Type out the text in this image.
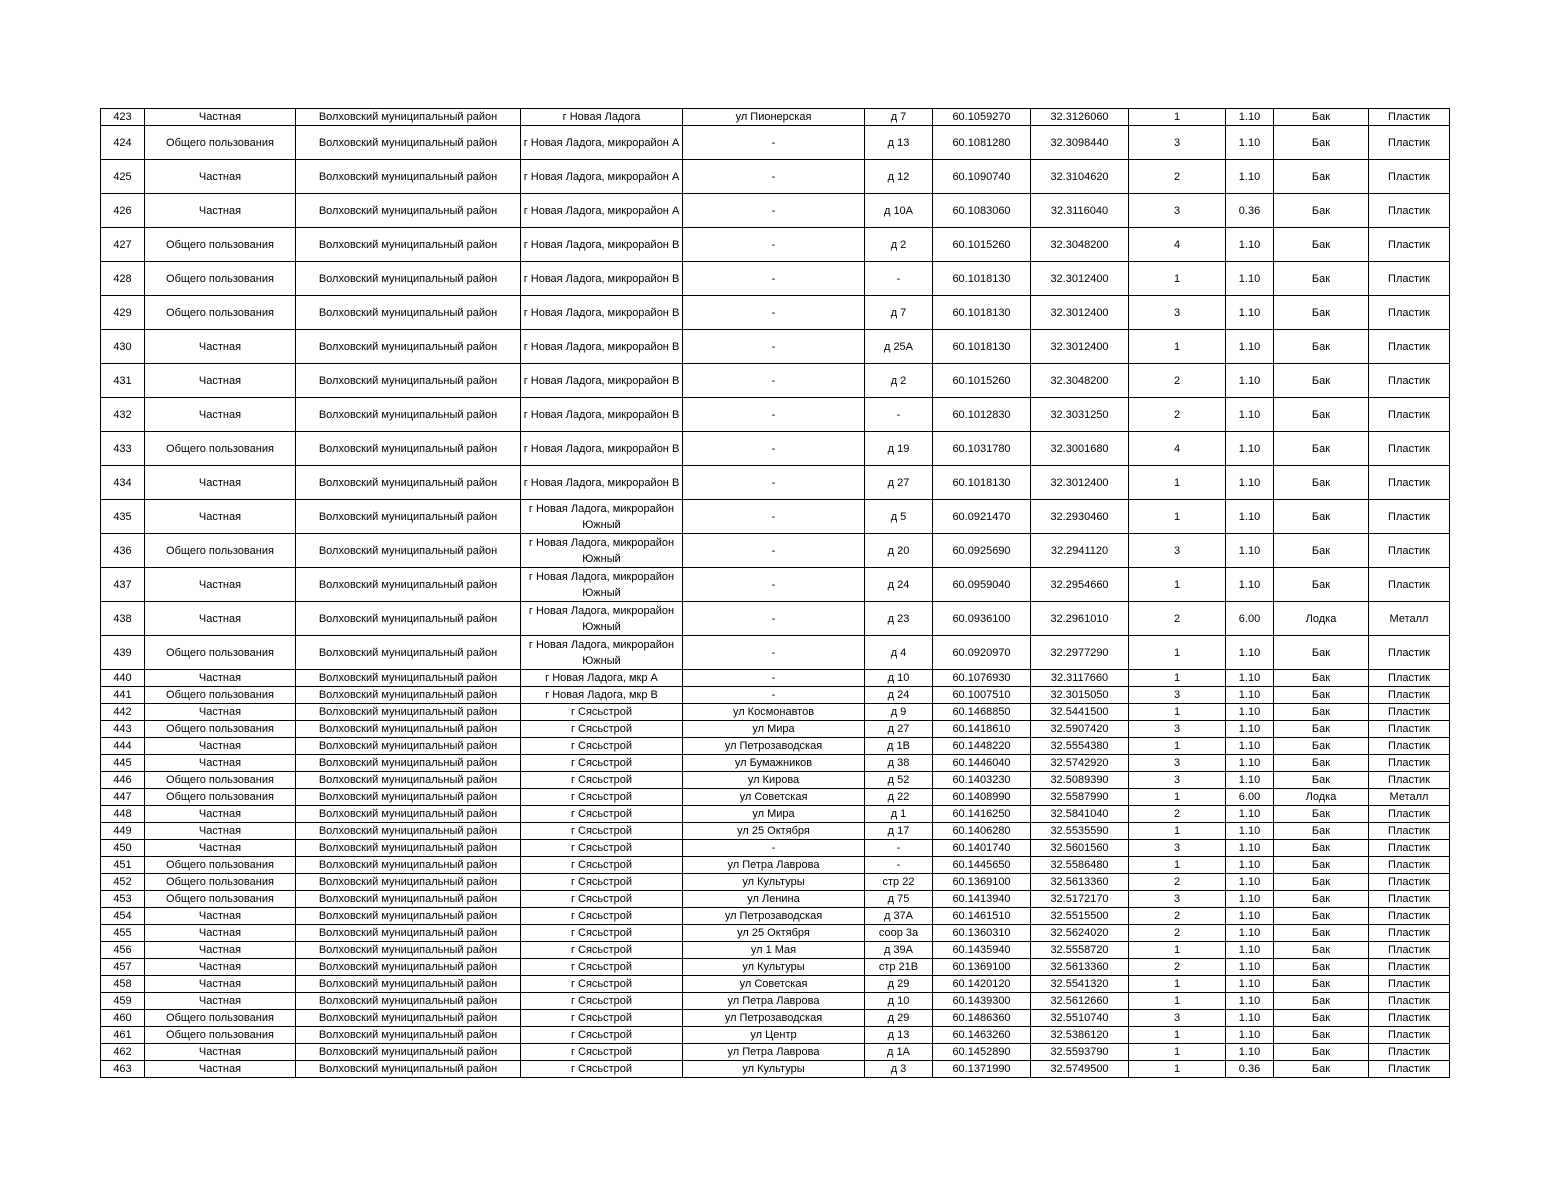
423	Частная	Волховский муниципальный район	г Новая Ладога	ул Пионерская	д 7	60.1059270	32.3126060	1	1.10	Бак	Пластик
424	Общего пользования	Волховский муниципальный район	г Новая Ладога, микрорайон А	-	д 13	60.1081280	32.3098440	3	1.10	Бак	Пластик
425	Частная	Волховский муниципальный район	г Новая Ладога, микрорайон А	-	д 12	60.1090740	32.3104620	2	1.10	Бак	Пластик
426	Частная	Волховский муниципальный район	г Новая Ладога, микрорайон А	-	д 10А	60.1083060	32.3116040	3	0.36	Бак	Пластик
427	Общего пользования	Волховский муниципальный район	г Новая Ладога, микрорайон В	-	д 2	60.1015260	32.3048200	4	1.10	Бак	Пластик
428	Общего пользования	Волховский муниципальный район	г Новая Ладога, микрорайон В	-	-	60.1018130	32.3012400	1	1.10	Бак	Пластик
429	Общего пользования	Волховский муниципальный район	г Новая Ладога, микрорайон В	-	д 7	60.1018130	32.3012400	3	1.10	Бак	Пластик
430	Частная	Волховский муниципальный район	г Новая Ладога, микрорайон В	-	д 25А	60.1018130	32.3012400	1	1.10	Бак	Пластик
431	Частная	Волховский муниципальный район	г Новая Ладога, микрорайон В	-	д 2	60.1015260	32.3048200	2	1.10	Бак	Пластик
432	Частная	Волховский муниципальный район	г Новая Ладога, микрорайон В	-	-	60.1012830	32.3031250	2	1.10	Бак	Пластик
433	Общего пользования	Волховский муниципальный район	г Новая Ладога, микрорайон В	-	д 19	60.1031780	32.3001680	4	1.10	Бак	Пластик
434	Частная	Волховский муниципальный район	г Новая Ладога, микрорайон В	-	д 27	60.1018130	32.3012400	1	1.10	Бак	Пластик
435	Частная	Волховский муниципальный район	г Новая Ладога, микрорайон Южный	-	д 5	60.0921470	32.2930460	1	1.10	Бак	Пластик
436	Общего пользования	Волховский муниципальный район	г Новая Ладога, микрорайон Южный	-	д 20	60.0925690	32.2941120	3	1.10	Бак	Пластик
437	Частная	Волховский муниципальный район	г Новая Ладога, микрорайон Южный	-	д 24	60.0959040	32.2954660	1	1.10	Бак	Пластик
438	Частная	Волховский муниципальный район	г Новая Ладога, микрорайон Южный	-	д 23	60.0936100	32.2961010	2	6.00	Лодка	Металл
439	Общего пользования	Волховский муниципальный район	г Новая Ладога, микрорайон Южный	-	д 4	60.0920970	32.2977290	1	1.10	Бак	Пластик
440	Частная	Волховский муниципальный район	г Новая Ладога, мкр А	-	д 10	60.1076930	32.3117660	1	1.10	Бак	Пластик
441	Общего пользования	Волховский муниципальный район	г Новая Ладога, мкр В	-	д 24	60.1007510	32.3015050	3	1.10	Бак	Пластик
442	Частная	Волховский муниципальный район	г Сясьстрой	ул Космонавтов	д 9	60.1468850	32.5441500	1	1.10	Бак	Пластик
443	Общего пользования	Волховский муниципальный район	г Сясьстрой	ул Мира	д 27	60.1418610	32.5907420	3	1.10	Бак	Пластик
444	Частная	Волховский муниципальный район	г Сясьстрой	ул Петрозаводская	д 1В	60.1448220	32.5554380	1	1.10	Бак	Пластик
445	Частная	Волховский муниципальный район	г Сясьстрой	ул Бумажников	д 38	60.1446040	32.5742920	3	1.10	Бак	Пластик
446	Общего пользования	Волховский муниципальный район	г Сясьстрой	ул Кирова	д 52	60.1403230	32.5089390	3	1.10	Бак	Пластик
447	Общего пользования	Волховский муниципальный район	г Сясьстрой	ул Советская	д 22	60.1408990	32.5587990	1	6.00	Лодка	Металл
448	Частная	Волховский муниципальный район	г Сясьстрой	ул Мира	д 1	60.1416250	32.5841040	2	1.10	Бак	Пластик
449	Частная	Волховский муниципальный район	г Сясьстрой	ул 25 Октября	д 17	60.1406280	32.5535590	1	1.10	Бак	Пластик
450	Частная	Волховский муниципальный район	г Сясьстрой	-	-	60.1401740	32.5601560	3	1.10	Бак	Пластик
451	Общего пользования	Волховский муниципальный район	г Сясьстрой	ул Петра Лаврова	-	60.1445650	32.5586480	1	1.10	Бак	Пластик
452	Общего пользования	Волховский муниципальный район	г Сясьстрой	ул Культуры	стр 22	60.1369100	32.5613360	2	1.10	Бак	Пластик
453	Общего пользования	Волховский муниципальный район	г Сясьстрой	ул Ленина	д 75	60.1413940	32.5172170	3	1.10	Бак	Пластик
454	Частная	Волховский муниципальный район	г Сясьстрой	ул Петрозаводская	д 37А	60.1461510	32.5515500	2	1.10	Бак	Пластик
455	Частная	Волховский муниципальный район	г Сясьстрой	ул 25 Октября	соор 3а	60.1360310	32.5624020	2	1.10	Бак	Пластик
456	Частная	Волховский муниципальный район	г Сясьстрой	ул 1 Мая	д 39А	60.1435940	32.5558720	1	1.10	Бак	Пластик
457	Частная	Волховский муниципальный район	г Сясьстрой	ул Культуры	стр 21В	60.1369100	32.5613360	2	1.10	Бак	Пластик
458	Частная	Волховский муниципальный район	г Сясьстрой	ул Советская	д 29	60.1420120	32.5541320	1	1.10	Бак	Пластик
459	Частная	Волховский муниципальный район	г Сясьстрой	ул Петра Лаврова	д 10	60.1439300	32.5612660	1	1.10	Бак	Пластик
460	Общего пользования	Волховский муниципальный район	г Сясьстрой	ул Петрозаводская	д 29	60.1486360	32.5510740	3	1.10	Бак	Пластик
461	Общего пользования	Волховский муниципальный район	г Сясьстрой	ул Центр	д 13	60.1463260	32.5386120	1	1.10	Бак	Пластик
462	Частная	Волховский муниципальный район	г Сясьстрой	ул Петра Лаврова	д 1А	60.1452890	32.5593790	1	1.10	Бак	Пластик
463	Частная	Волховский муниципальный район	г Сясьстрой	ул Культуры	д 3	60.1371990	32.5749500	1	0.36	Бак	Пластик
